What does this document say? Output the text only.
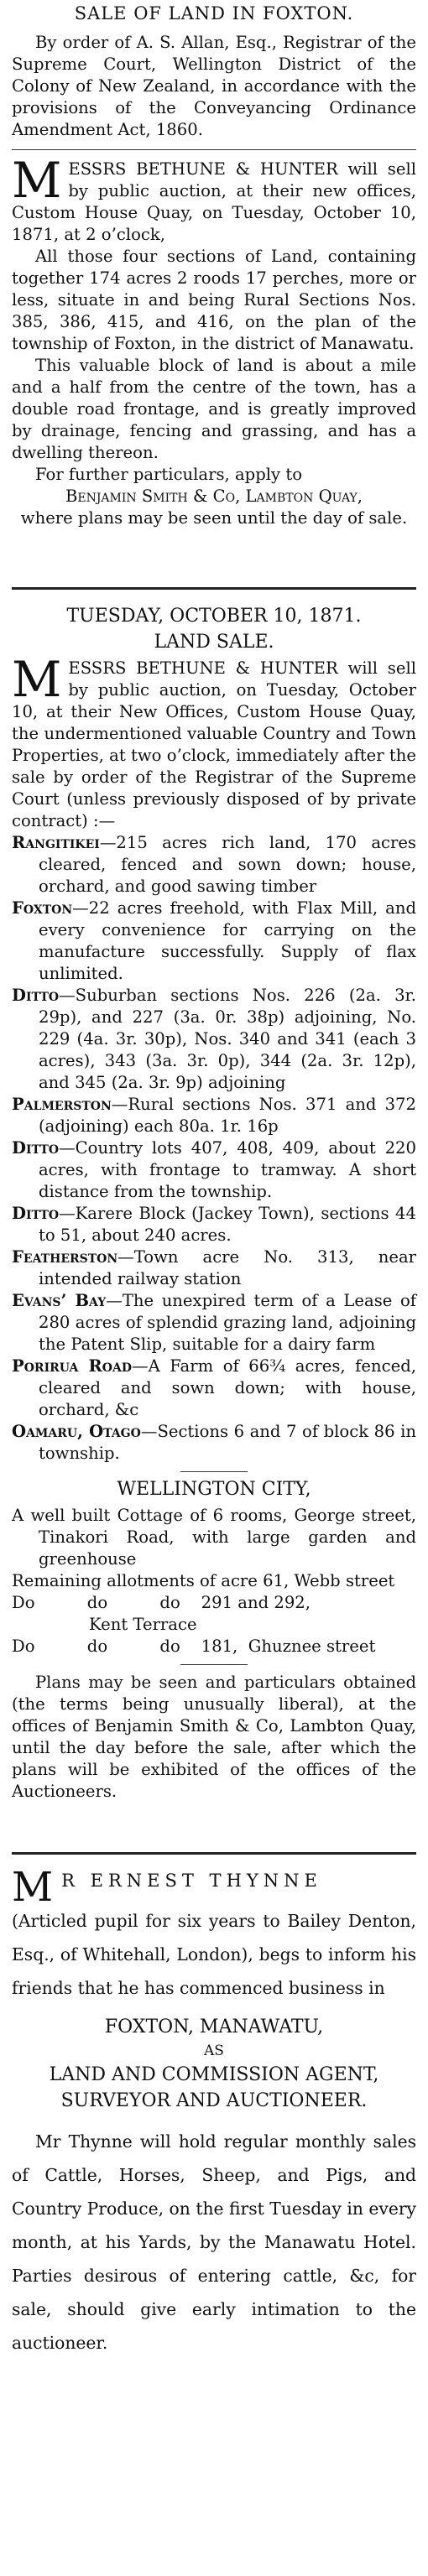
SALE OF LAND IN FOXTON.

By order of A. S. Allan, Esq., Registrar of the Supreme Court, Wellington District of the Colony of New Zealand, in accordance with the provisions of the Conveyancing Ordinance Amendment Act, 1860.

MESSRS BETHUNE & HUNTER will sell by public auction, at their new offices, Custom House Quay, on Tuesday, October 10, 1871, at 2 o’clock,

All those four sections of Land, containing together 174 acres 2 roods 17 perches, more or less, situate in and being Rural Sections Nos. 385, 386, 415, and 416, on the plan of the township of Foxton, in the district of Manawatu.

This valuable block of land is about a mile and a half from the centre of the town, has a double road frontage, and is greatly improved by drainage, fencing and grassing, and has a dwelling thereon.

For further particulars, apply to

Benjamin Smith & Co, Lambton Quay,

where plans may be seen until the day of sale.

TUESDAY, OCTOBER 10, 1871.
LAND SALE.

MESSRS BETHUNE & HUNTER will sell by public auction, on Tuesday, October 10, at their New Offices, Custom House Quay, the undermentioned valuable Country and Town Properties, at two o’clock, immediately after the sale by order of the Registrar of the Supreme Court (unless previously disposed of by private contract) :—

Rangitikei—215 acres rich land, 170 acres cleared, fenced and sown down; house, orchard, and good sawing timber

Foxton—22 acres freehold, with Flax Mill, and every convenience for carrying on the manufacture successfully. Supply of flax unlimited.

Ditto—Suburban sections Nos. 226 (2a. 3r. 29p), and 227 (3a. 0r. 38p) adjoining, No. 229 (4a. 3r. 30p), Nos. 340 and 341 (each 3 acres), 343 (3a. 3r. 0p), 344 (2a. 3r. 12p), and 345 (2a. 3r. 9p) adjoining

Palmerston—Rural sections Nos. 371 and 372 (adjoining) each 80a. 1r. 16p

Ditto—Country lots 407, 408, 409, about 220 acres, with frontage to tramway. A short distance from the township.

Ditto—Karere Block (Jackey Town), sections 44 to 51, about 240 acres.

Featherston—Town acre No. 313, near intended railway station

Evans’ Bay—The unexpired term of a Lease of 280 acres of splendid grazing land, adjoining the Patent Slip, suitable for a dairy farm

Porirua Road—A Farm of 66¾ acres, fenced, cleared and sown down; with house, orchard, &c

Oamaru, Otago—Sections 6 and 7 of block 86 in township.

WELLINGTON CITY,

A well built Cottage of 6 rooms, George street, Tinakori Road, with large garden and greenhouse

Remaining allotments of acre 61, Webb street

Do          do          do    291 and 292,

Kent Terrace

Do          do          do    181,  Ghuznee street

Plans may be seen and particulars obtained (the terms being unusually liberal), at the offices of Benjamin Smith & Co, Lambton Quay, until the day before the sale, after which the plans will be exhibited of the offices of the Auctioneers.

M R ERNEST THYNNE

(Articled pupil for six years to Bailey Denton, Esq., of Whitehall, London), begs to inform his friends that he has commenced business in

FOXTON, MANAWATU,
AS
LAND AND COMMISSION AGENT,
SURVEYOR AND AUCTIONEER.

Mr Thynne will hold regular monthly sales of Cattle, Horses, Sheep, and Pigs, and Country Produce, on the first Tuesday in every month, at his Yards, by the Manawatu Hotel. Parties desirous of entering cattle, &c, for sale, should give early intimation to the auctioneer.
